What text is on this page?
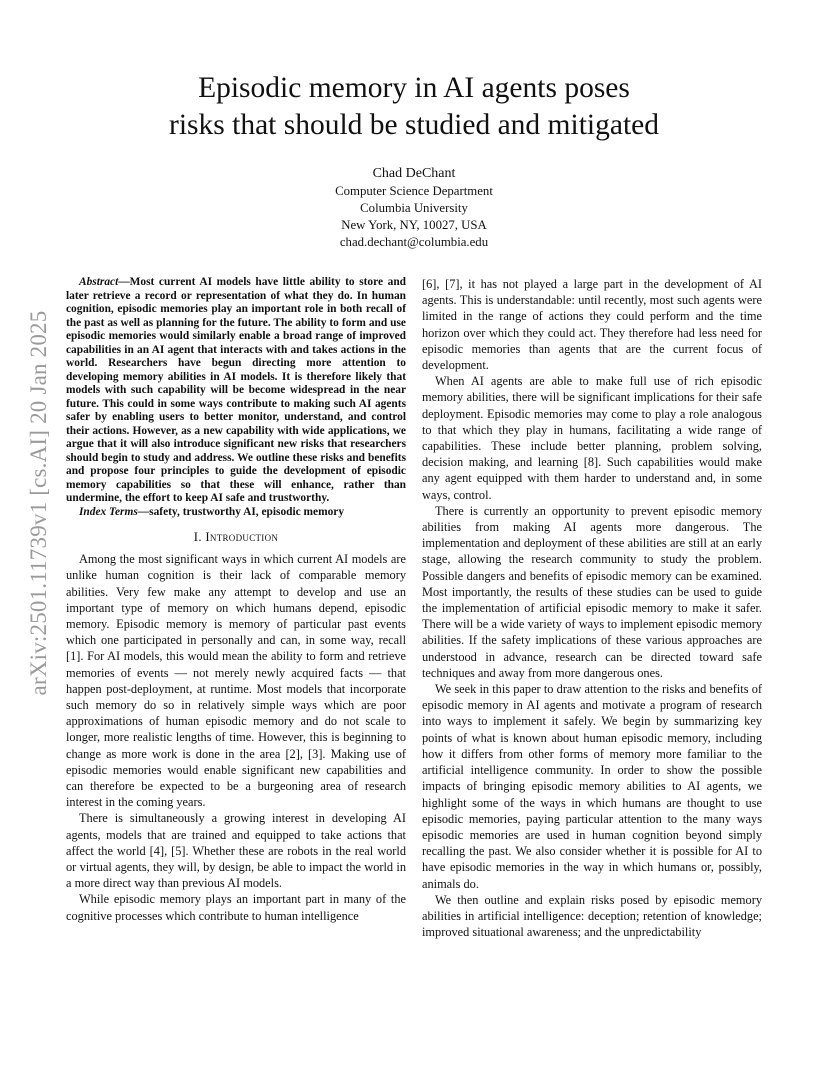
arXiv:2501.11739v1 [cs.AI] 20 Jan 2025
Episodic memory in AI agents poses
risks that should be studied and mitigated
Chad DeChant
Computer Science Department
Columbia University
New York, NY, 10027, USA
chad.dechant@columbia.edu

Abstract—Most current AI models have little ability to store and later retrieve a record or representation of what they do. In human cognition, episodic memories play an important role in both recall of the past as well as planning for the future. The ability to form and use episodic memories would similarly enable a broad range of improved capabilities in an AI agent that interacts with and takes actions in the world. Researchers have begun directing more attention to developing memory abilities in AI models. It is therefore likely that models with such capability will be become widespread in the near future. This could in some ways contribute to making such AI agents safer by enabling users to better monitor, understand, and control their actions. However, as a new capability with wide applications, we argue that it will also introduce significant new risks that researchers should begin to study and address. We outline these risks and benefits and propose four principles to guide the development of episodic memory capabilities so that these will enhance, rather than undermine, the effort to keep AI safe and trustworthy.

Index Terms—safety, trustworthy AI, episodic memory

I. Introduction

Among the most significant ways in which current AI models are unlike human cognition is their lack of comparable memory abilities. Very few make any attempt to develop and use an important type of memory on which humans depend, episodic memory. Episodic memory is memory of particular past events which one participated in personally and can, in some way, recall [1]. For AI models, this would mean the ability to form and retrieve memories of events — not merely newly acquired facts — that happen post-deployment, at runtime. Most models that incorporate such memory do so in relatively simple ways which are poor approximations of human episodic memory and do not scale to longer, more realistic lengths of time. However, this is beginning to change as more work is done in the area [2], [3]. Making use of episodic memories would enable significant new capabilities and can therefore be expected to be a burgeoning area of research interest in the coming years.

There is simultaneously a growing interest in developing AI agents, models that are trained and equipped to take actions that affect the world [4], [5]. Whether these are robots in the real world or virtual agents, they will, by design, be able to impact the world in a more direct way than previous AI models.

While episodic memory plays an important part in many of the cognitive processes which contribute to human intelligence

[6], [7], it has not played a large part in the development of AI agents. This is understandable: until recently, most such agents were limited in the range of actions they could perform and the time horizon over which they could act. They therefore had less need for episodic memories than agents that are the current focus of development.

When AI agents are able to make full use of rich episodic memory abilities, there will be significant implications for their safe deployment. Episodic memories may come to play a role analogous to that which they play in humans, facilitating a wide range of capabilities. These include better planning, problem solving, decision making, and learning [8]. Such capabilities would make any agent equipped with them harder to understand and, in some ways, control.

There is currently an opportunity to prevent episodic memory abilities from making AI agents more dangerous. The implementation and deployment of these abilities are still at an early stage, allowing the research community to study the problem. Possible dangers and benefits of episodic memory can be examined. Most importantly, the results of these studies can be used to guide the implementation of artificial episodic memory to make it safer. There will be a wide variety of ways to implement episodic memory abilities. If the safety implications of these various approaches are understood in advance, research can be directed toward safe techniques and away from more dangerous ones.

We seek in this paper to draw attention to the risks and benefits of episodic memory in AI agents and motivate a program of research into ways to implement it safely. We begin by summarizing key points of what is known about human episodic memory, including how it differs from other forms of memory more familiar to the artificial intelligence community. In order to show the possible impacts of bringing episodic memory abilities to AI agents, we highlight some of the ways in which humans are thought to use episodic memories, paying particular attention to the many ways episodic memories are used in human cognition beyond simply recalling the past. We also consider whether it is possible for AI to have episodic memories in the way in which humans or, possibly, animals do.

We then outline and explain risks posed by episodic memory abilities in artificial intelligence: deception; retention of knowledge; improved situational awareness; and the unpredictability
